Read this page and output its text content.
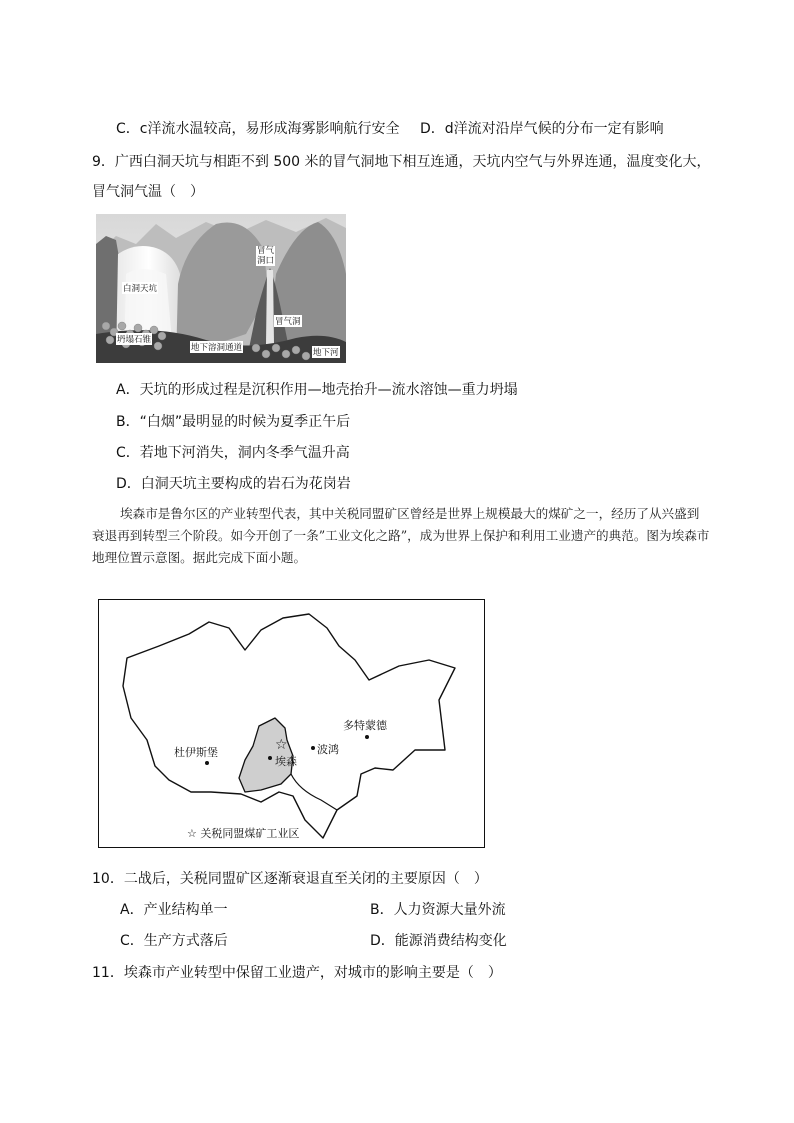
C．c洋流水温较高，易形成海雾影响航行安全 D．d洋流对沿岸气候的分布一定有影响
9．广西白洞天坑与相距不到 500 米的冒气洞地下相互连通，天坑内空气与外界连通，温度变化大，
冒气洞气温（　）
冒气
洞口
白洞天坑
冒气洞
坍塌石锥
地下溶洞通道	地下河
A．天坑的形成过程是沉积作用—地壳抬升—流水溶蚀—重力坍塌
B．“白烟”最明显的时候为夏季正午后
C．若地下河消失，洞内冬季气温升高
D．白洞天坑主要构成的岩石为花岗岩
埃森市是鲁尔区的产业转型代表，其中关税同盟矿区曾经是世界上规模最大的煤矿之一，经历了从兴盛到衰退再到转型三个阶段。如今开创了一条”工业文化之路”，成为世界上保护和利用工业遗产的典范。图为埃森市地理位置示意图。据此完成下面小题。
☆
多特蒙德
波鸿
杜伊斯堡
埃森
☆ 关税同盟煤矿工业区
10．二战后，关税同盟矿区逐渐衰退直至关闭的主要原因（　）
A．产业结构单一	B．人力资源大量外流
C．生产方式落后	D．能源消费结构变化
11．埃森市产业转型中保留工业遗产，对城市的影响主要是（　）
